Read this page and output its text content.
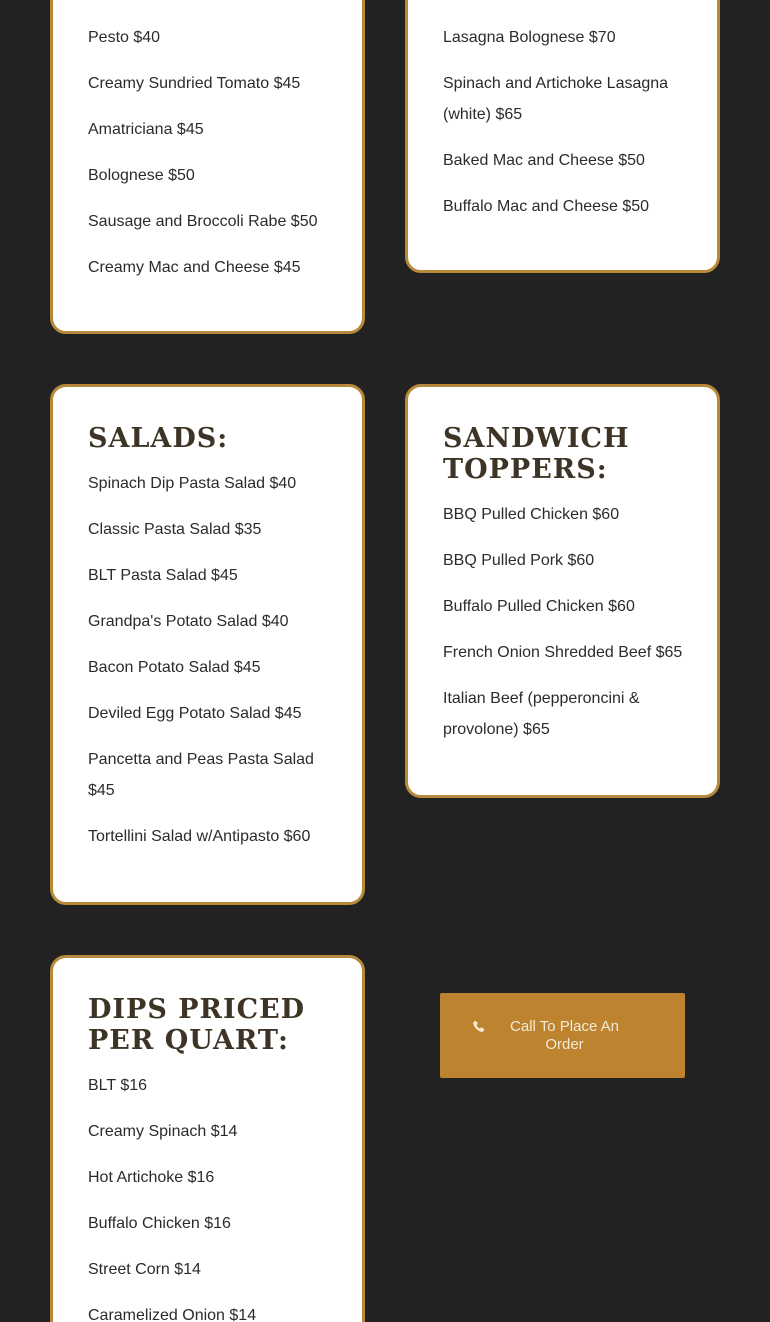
Pesto $40
Creamy Sundried Tomato $45
Amatriciana $45
Bolognese $50
Sausage and Broccoli Rabe $50
Creamy Mac and Cheese $45
Lasagna Bolognese $70
Spinach and Artichoke Lasagna (white) $65
Baked Mac and Cheese $50
Buffalo Mac and Cheese $50
SALADS:
Spinach Dip Pasta Salad $40
Classic Pasta Salad $35
BLT Pasta Salad $45
Grandpa's Potato Salad $40
Bacon Potato Salad $45
Deviled Egg Potato Salad $45
Pancetta and Peas Pasta Salad $45
Tortellini Salad w/Antipasto $60
SANDWICH TOPPERS:
BBQ Pulled Chicken $60
BBQ Pulled Pork $60
Buffalo Pulled Chicken $60
French Onion Shredded Beef $65
Italian Beef (pepperoncini & provolone) $65
DIPS PRICED PER QUART:
BLT $16
Creamy Spinach $14
Hot Artichoke $16
Buffalo Chicken $16
Street Corn $14
Caramelized Onion $14
Call To Place An Order
